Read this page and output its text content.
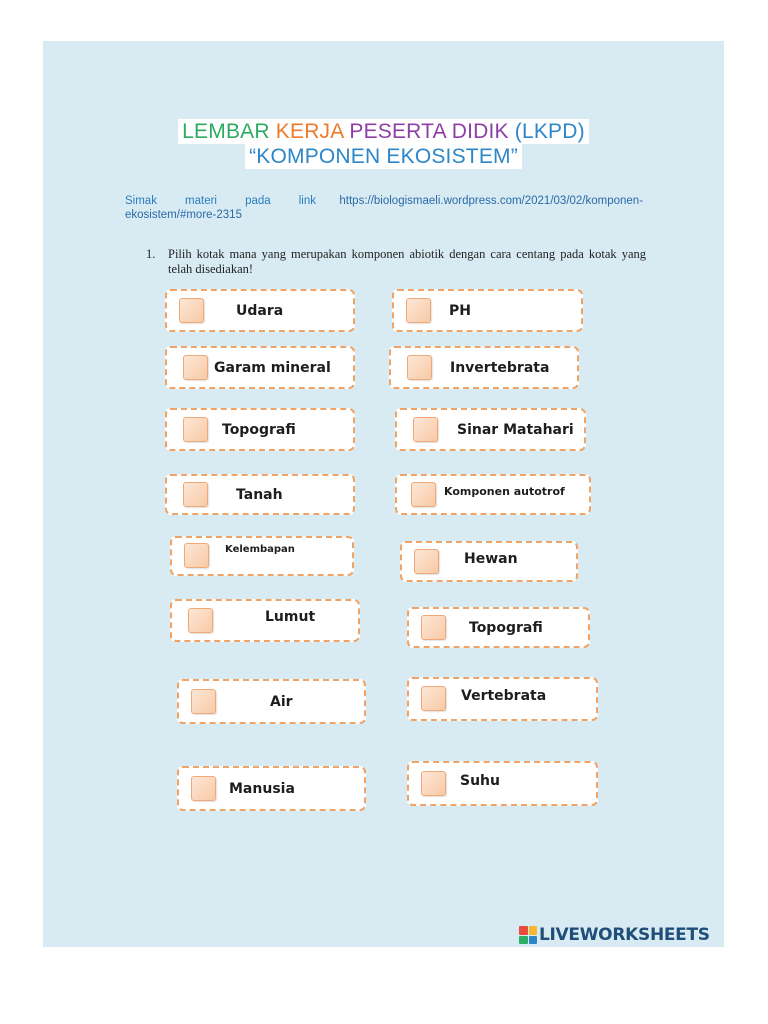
LEMBAR KERJA PESERTA DIDIK (LKPD)
“KOMPONEN EKOSISTEM”
Simak materi pada link https://biologismaeli.wordpress.com/2021/03/02/komponen-ekosistem/#more-2315
1.	Pilih kotak mana yang merupakan komponen abiotik dengan cara centang pada kotak yang telah disediakan!
Udara	PH
Garam mineral	Invertebrata
Topografi	Sinar Matahari
Tanah	Komponen autotrof
Kelembapan
Hewan
Lumut
Topografi
Air	Vertebrata
Manusia	Suhu
LIVEWORKSHEETS
